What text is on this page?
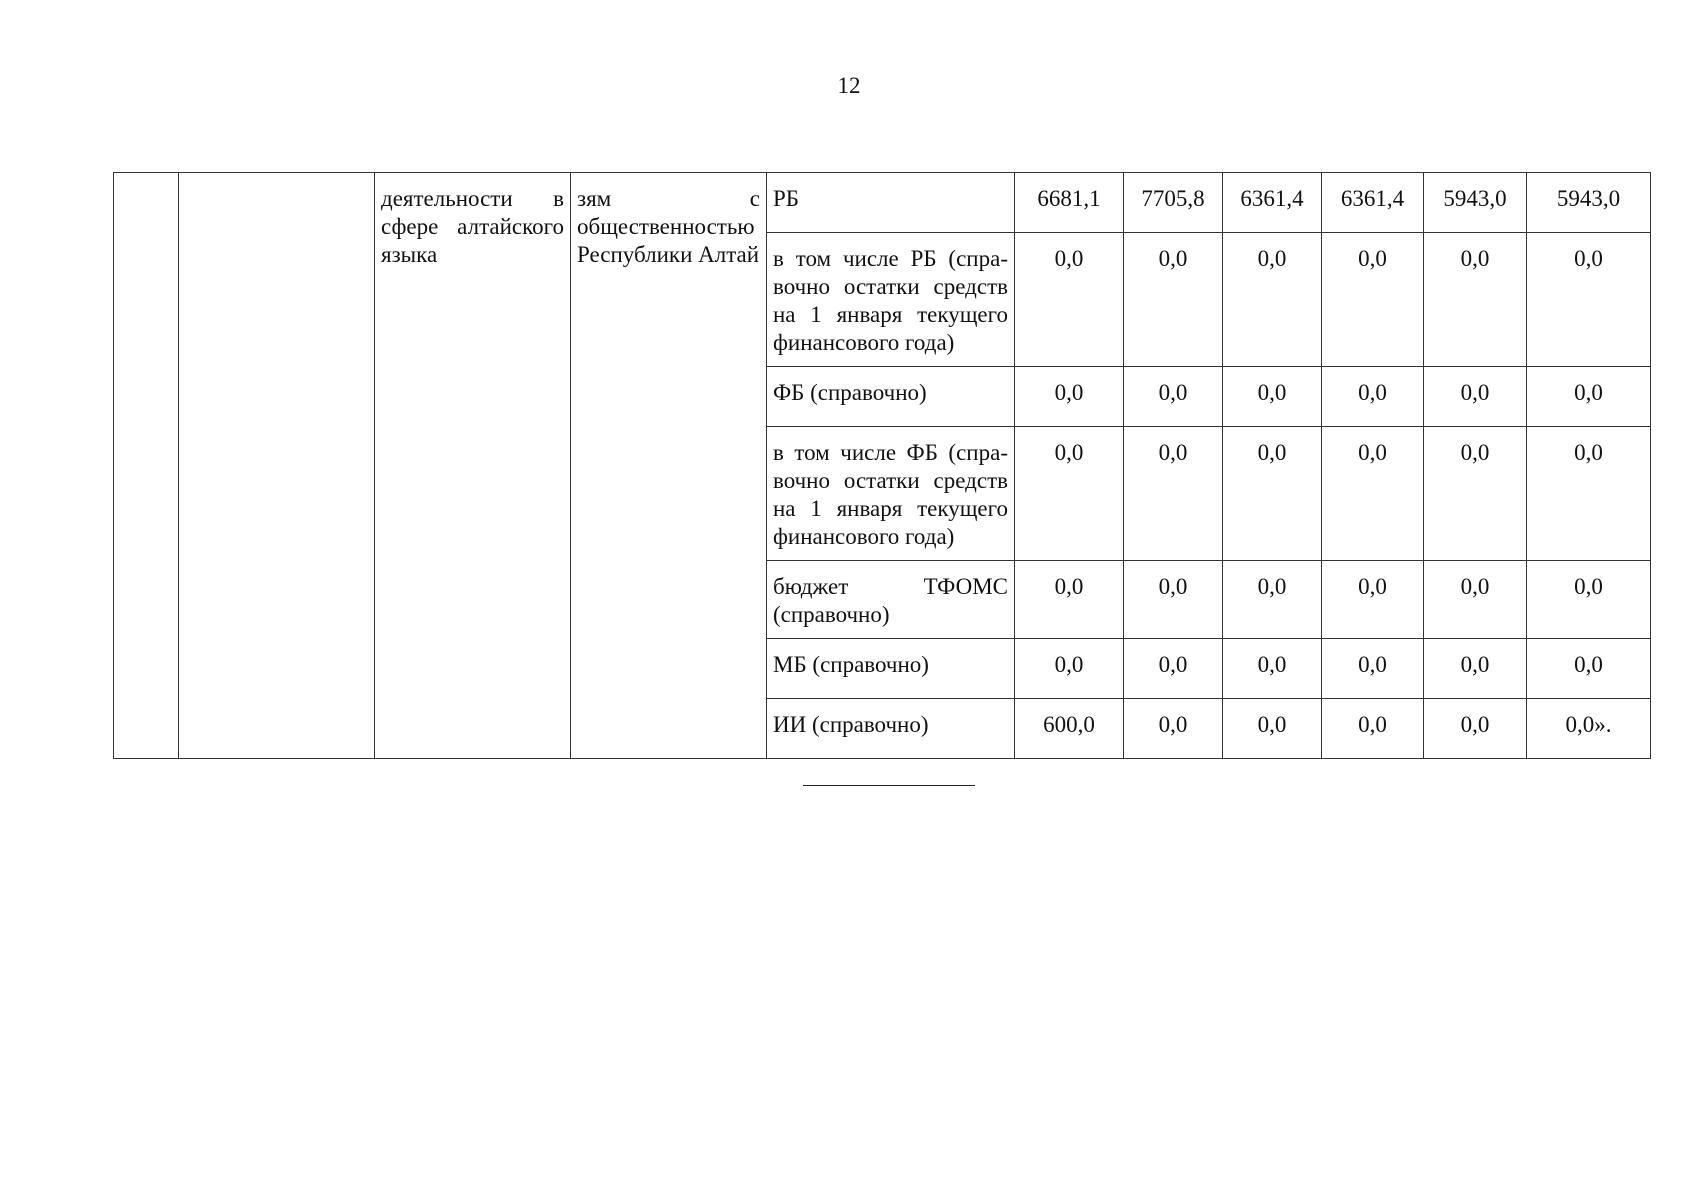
12
		деятельности в сфере алтайского языка	зям с общественностью Республики Алтай	РБ	6681,1	7705,8	6361,4	6361,4	5943,0	5943,0
				в том числе РБ (справочно остатки средств на 1 января текущего финансового года)	0,0	0,0	0,0	0,0	0,0	0,0
				ФБ (справочно)	0,0	0,0	0,0	0,0	0,0	0,0
				в том числе ФБ (справочно остатки средств на 1 января текущего финансового года)	0,0	0,0	0,0	0,0	0,0	0,0
				бюджет ТФОМС (справочно)	0,0	0,0	0,0	0,0	0,0	0,0
				МБ (справочно)	0,0	0,0	0,0	0,0	0,0	0,0
				ИИ (справочно)	600,0	0,0	0,0	0,0	0,0	0,0».
